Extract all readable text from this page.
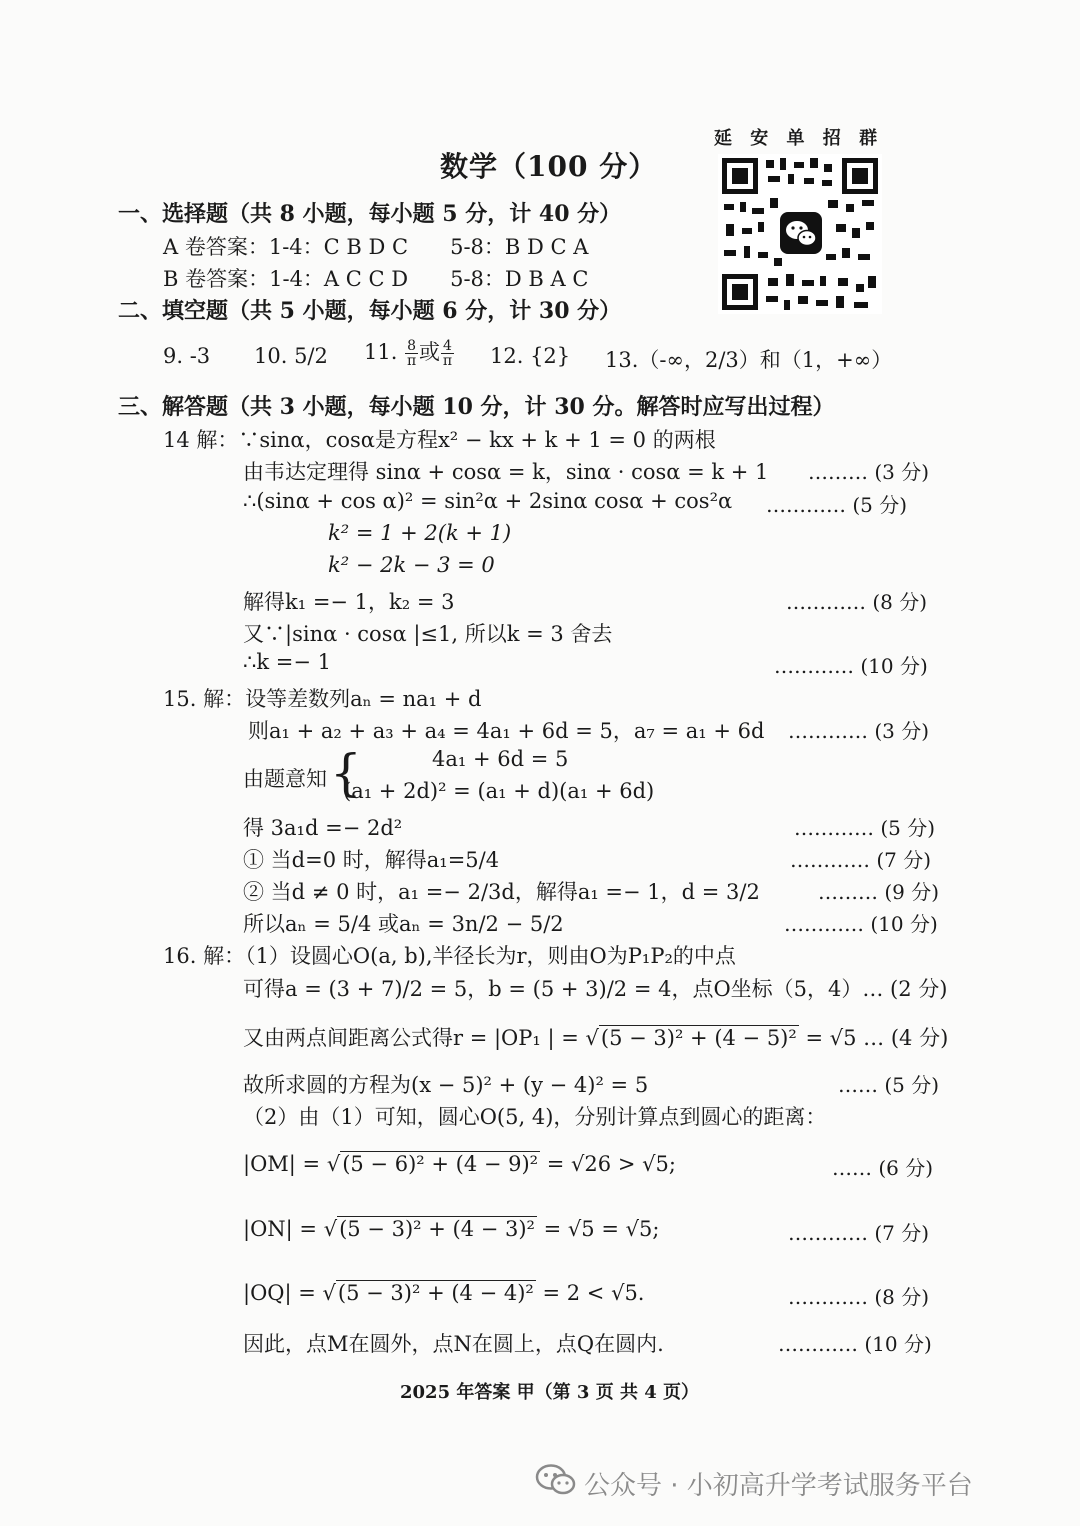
延 安 单 招 群
数学（100 分）
一、选择题（共 8 小题，每小题 5 分，计 40 分）
A 卷答案：1-4：C B D C　　5-8：B D C A
B 卷答案：1-4：A C C D　　5-8：D B A C
二、填空题（共 5 小题，每小题 6 分，计 30 分）
9. -3 10. 5/2 11. $\frac{8}{\pi}$ 或 $\frac{4}{\pi} 12$. {2} 13.（-∞，2/3）和（1，+∞）
三、解答题（共 3 小题，每小题 10 分，计 30 分。解答时应写出过程）
14 解：∵sinα，cosα是方程x² − kx + k + 1 = 0 的两根
由韦达定理得 sinα + cosα = k，sinα · cosα = k + 1 ……… (3 分)
∴(sinα + cos α)² = sin²α + 2sinα cosα + cos²α ………… (5 分)
k² = 1 + 2(k + 1)
k² − 2k − 3 = 0
解得k₁ =− 1，k₂ = 3	………… (8 分)
又∵|sinα · cosα |≤1, 所以k = 3 舍去
∴k =− 1	………… (10 分)
15. 解：设等差数列aₙ = na₁ + d
则a₁ + a₂ + a₃ + a₄ = 4a₁ + 6d = 5，a₇ = a₁ + 6d ………… (3 分)
由题意知 {	4a₁ + 6d = 5
(a₁ + 2d)² = (a₁ + d)(a₁ + 6d)
得 3a₁d =− 2d²	………… (5 分)
① 当d=0 时，解得a₁=5/4	………… (7 分)
② 当d ≠ 0 时，a₁ =− 2/3d，解得a₁ =− 1，d = 3/2	……… (9 分)
所以aₙ = 5/4 或aₙ = 3n/2 − 5/2	………… (10 分)
16. 解：（1）设圆心O(a, b),半径长为r，则由O为P₁P₂的中点
可得a = (3 + 7)/2 = 5，b = (5 + 3)/2 = 4，点O坐标（5，4）… (2 分)
又由两点间距离公式得r = |OP₁ | = √(5 − 3)² + (4 − 5)² = √5 … (4 分)
故所求圆的方程为(x − 5)² + (y − 4)² = 5	…… (5 分)
（2）由（1）可知，圆心O(5, 4)，分别计算点到圆心的距离：
|OM| = √(5 − 6)² + (4 − 9)² = √26 > √5;	…… (6 分)
|ON| = √(5 − 3)² + (4 − 3)² = √5 = √5;	………… (7 分)
|OQ| = √(5 − 3)² + (4 − 4)² = 2 < √5.	………… (8 分)
因此，点M在圆外，点N在圆上，点Q在圆内.	………… (10 分)
2025 年答案 甲（第 3 页 共 4 页）
公众号 · 小初高升学考试服务平台
